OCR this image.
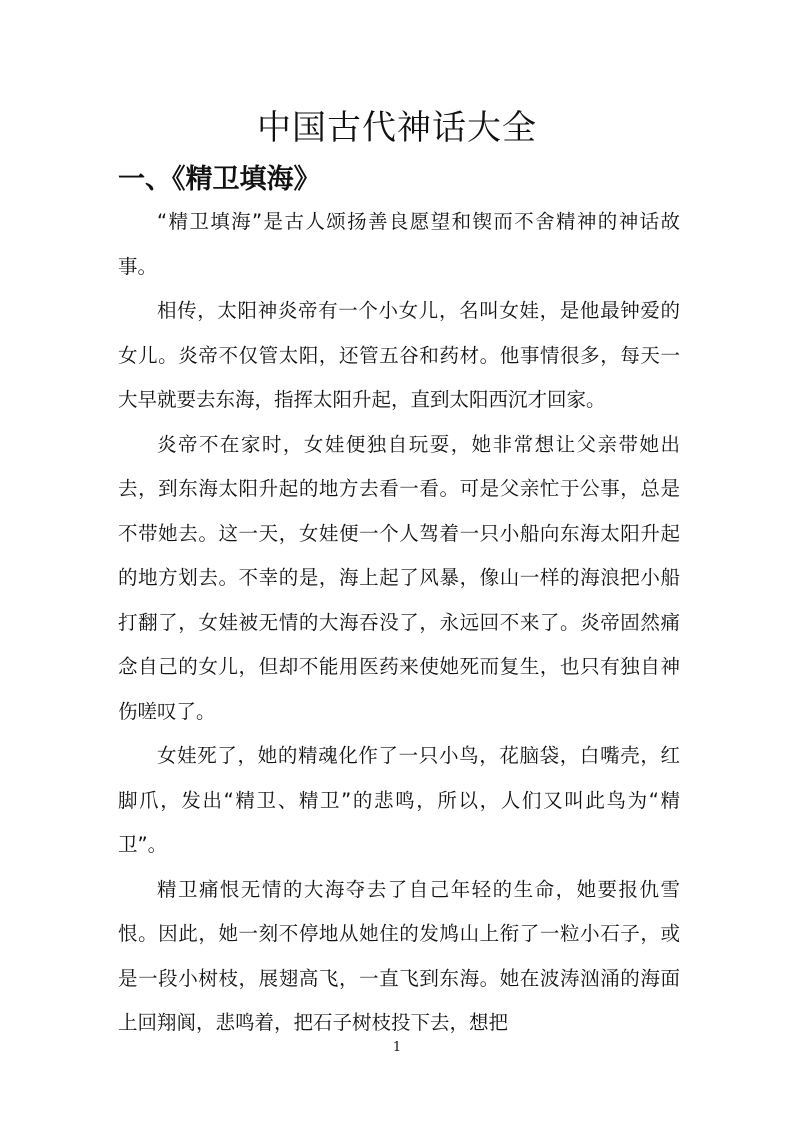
中国古代神话大全
一、《精卫填海》

“精卫填海”是古人颂扬善良愿望和锲而不舍精神的神话故事。

相传，太阳神炎帝有一个小女儿，名叫女娃，是他最钟爱的女儿。炎帝不仅管太阳，还管五谷和药材。他事情很多，每天一大早就要去东海，指挥太阳升起，直到太阳西沉才回家。

炎帝不在家时，女娃便独自玩耍，她非常想让父亲带她出去，到东海太阳升起的地方去看一看。可是父亲忙于公事，总是不带她去。这一天，女娃便一个人驾着一只小船向东海太阳升起的地方划去。不幸的是，海上起了风暴，像山一样的海浪把小船打翻了，女娃被无情的大海吞没了，永远回不来了。炎帝固然痛念自己的女儿，但却不能用医药来使她死而复生，也只有独自神伤嗟叹了。

女娃死了，她的精魂化作了一只小鸟，花脑袋，白嘴壳，红脚爪，发出“精卫、精卫”的悲鸣，所以，人们又叫此鸟为“精卫”。

精卫痛恨无情的大海夺去了自己年轻的生命，她要报仇雪恨。因此，她一刻不停地从她住的发鸠山上衔了一粒小石子，或是一段小树枝，展翅高飞，一直飞到东海。她在波涛汹涌的海面上回翔阆，悲鸣着，把石子树枝投下去，想把

1
